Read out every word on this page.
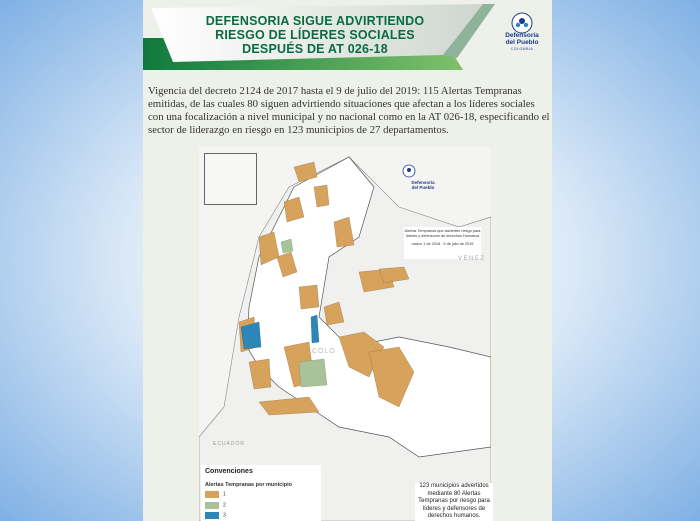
DEFENSORIA SIGUE ADVIRTIENDO
RIESGO DE LÍDERES SOCIALES
DESPUÉS DE AT 026-18
Defensoría
del Pueblo
COLOMBIA
Vigencia del decreto 2124 de 2017 hasta el 9 de julio del 2019: 115 Alertas Tempranas emitidas, de las cuales 80 siguen advirtiendo situaciones que afectan a los líderes sociales con una focalización a nivel municipal y no nacional como en la AT 026-18, especificando el sector de liderazgo en riesgo en 123 municipios de 27 departamentos.
Defensoría
del Pueblo
Alertas Tempranas que advierten riesgo para líderes y defensores de derechos Humanos
marzo 1 de 2018 - 9 de julio de 2019
VENEZ
ECUADOR
COLO
Convenciones
Alertas Tempranas por municipio
1
2
3
123 municipios advertidos mediante 80 Alertas Tempranas por riesgo para líderes y defensores de derechos humanos.
